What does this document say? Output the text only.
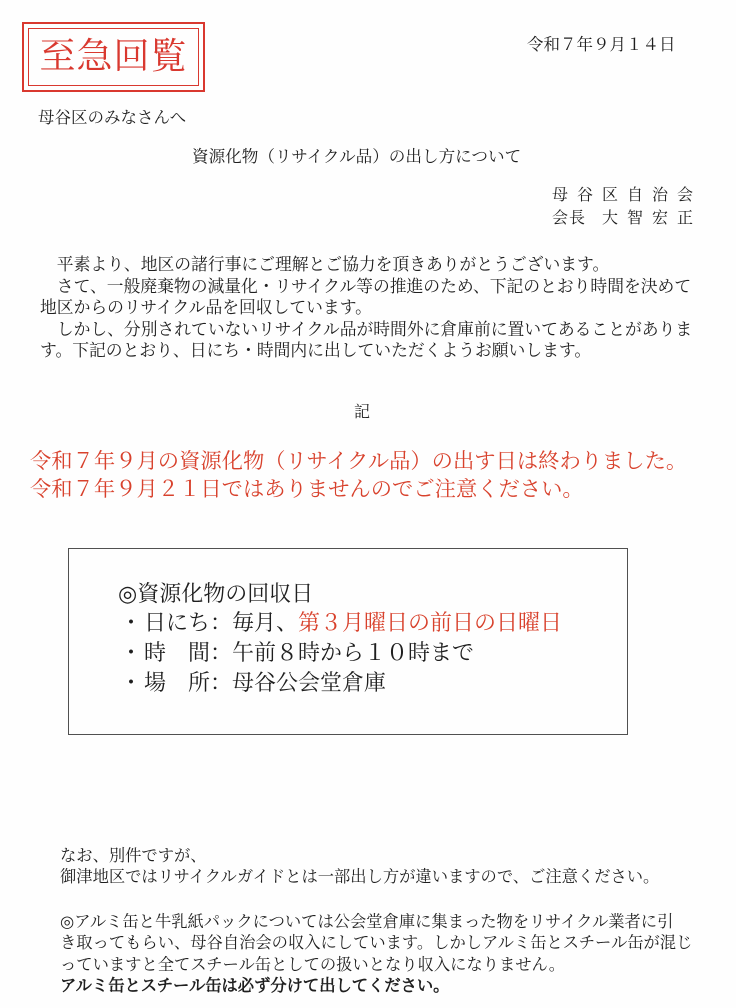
至急回覧	令和７年９月１４日
母谷区のみなさんへ
資源化物（リサイクル品）の出し方について
母谷区自治会
会長 大智宏正
　平素より、地区の諸行事にご理解とご協力を頂きありがとうございます。
　さて、一般廃棄物の減量化・リサイクル等の推進のため、下記のとおり時間を決めて
地区からのリサイクル品を回収しています。
　しかし、分別されていないリサイクル品が時間外に倉庫前に置いてあることがありま
す。下記のとおり、日にち・時間内に出していただくようお願いします。
記
令和７年９月の資源化物（リサイクル品）の出す日は終わりました。
令和７年９月２１日ではありませんのでご注意ください。
◎資源化物の回収日
・日にち：毎月、第３月曜日の前日の日曜日
・時　間：午前８時から１０時まで
・場　所：母谷公会堂倉庫
なお、別件ですが、
御津地区ではリサイクルガイドとは一部出し方が違いますので、ご注意ください。
◎アルミ缶と牛乳紙パックについては公会堂倉庫に集まった物をリサイクル業者に引
き取ってもらい、母谷自治会の収入にしています。しかしアルミ缶とスチール缶が混じ
っていますと全てスチール缶としての扱いとなり収入になりません。
アルミ缶とスチール缶は必ず分けて出してください。
